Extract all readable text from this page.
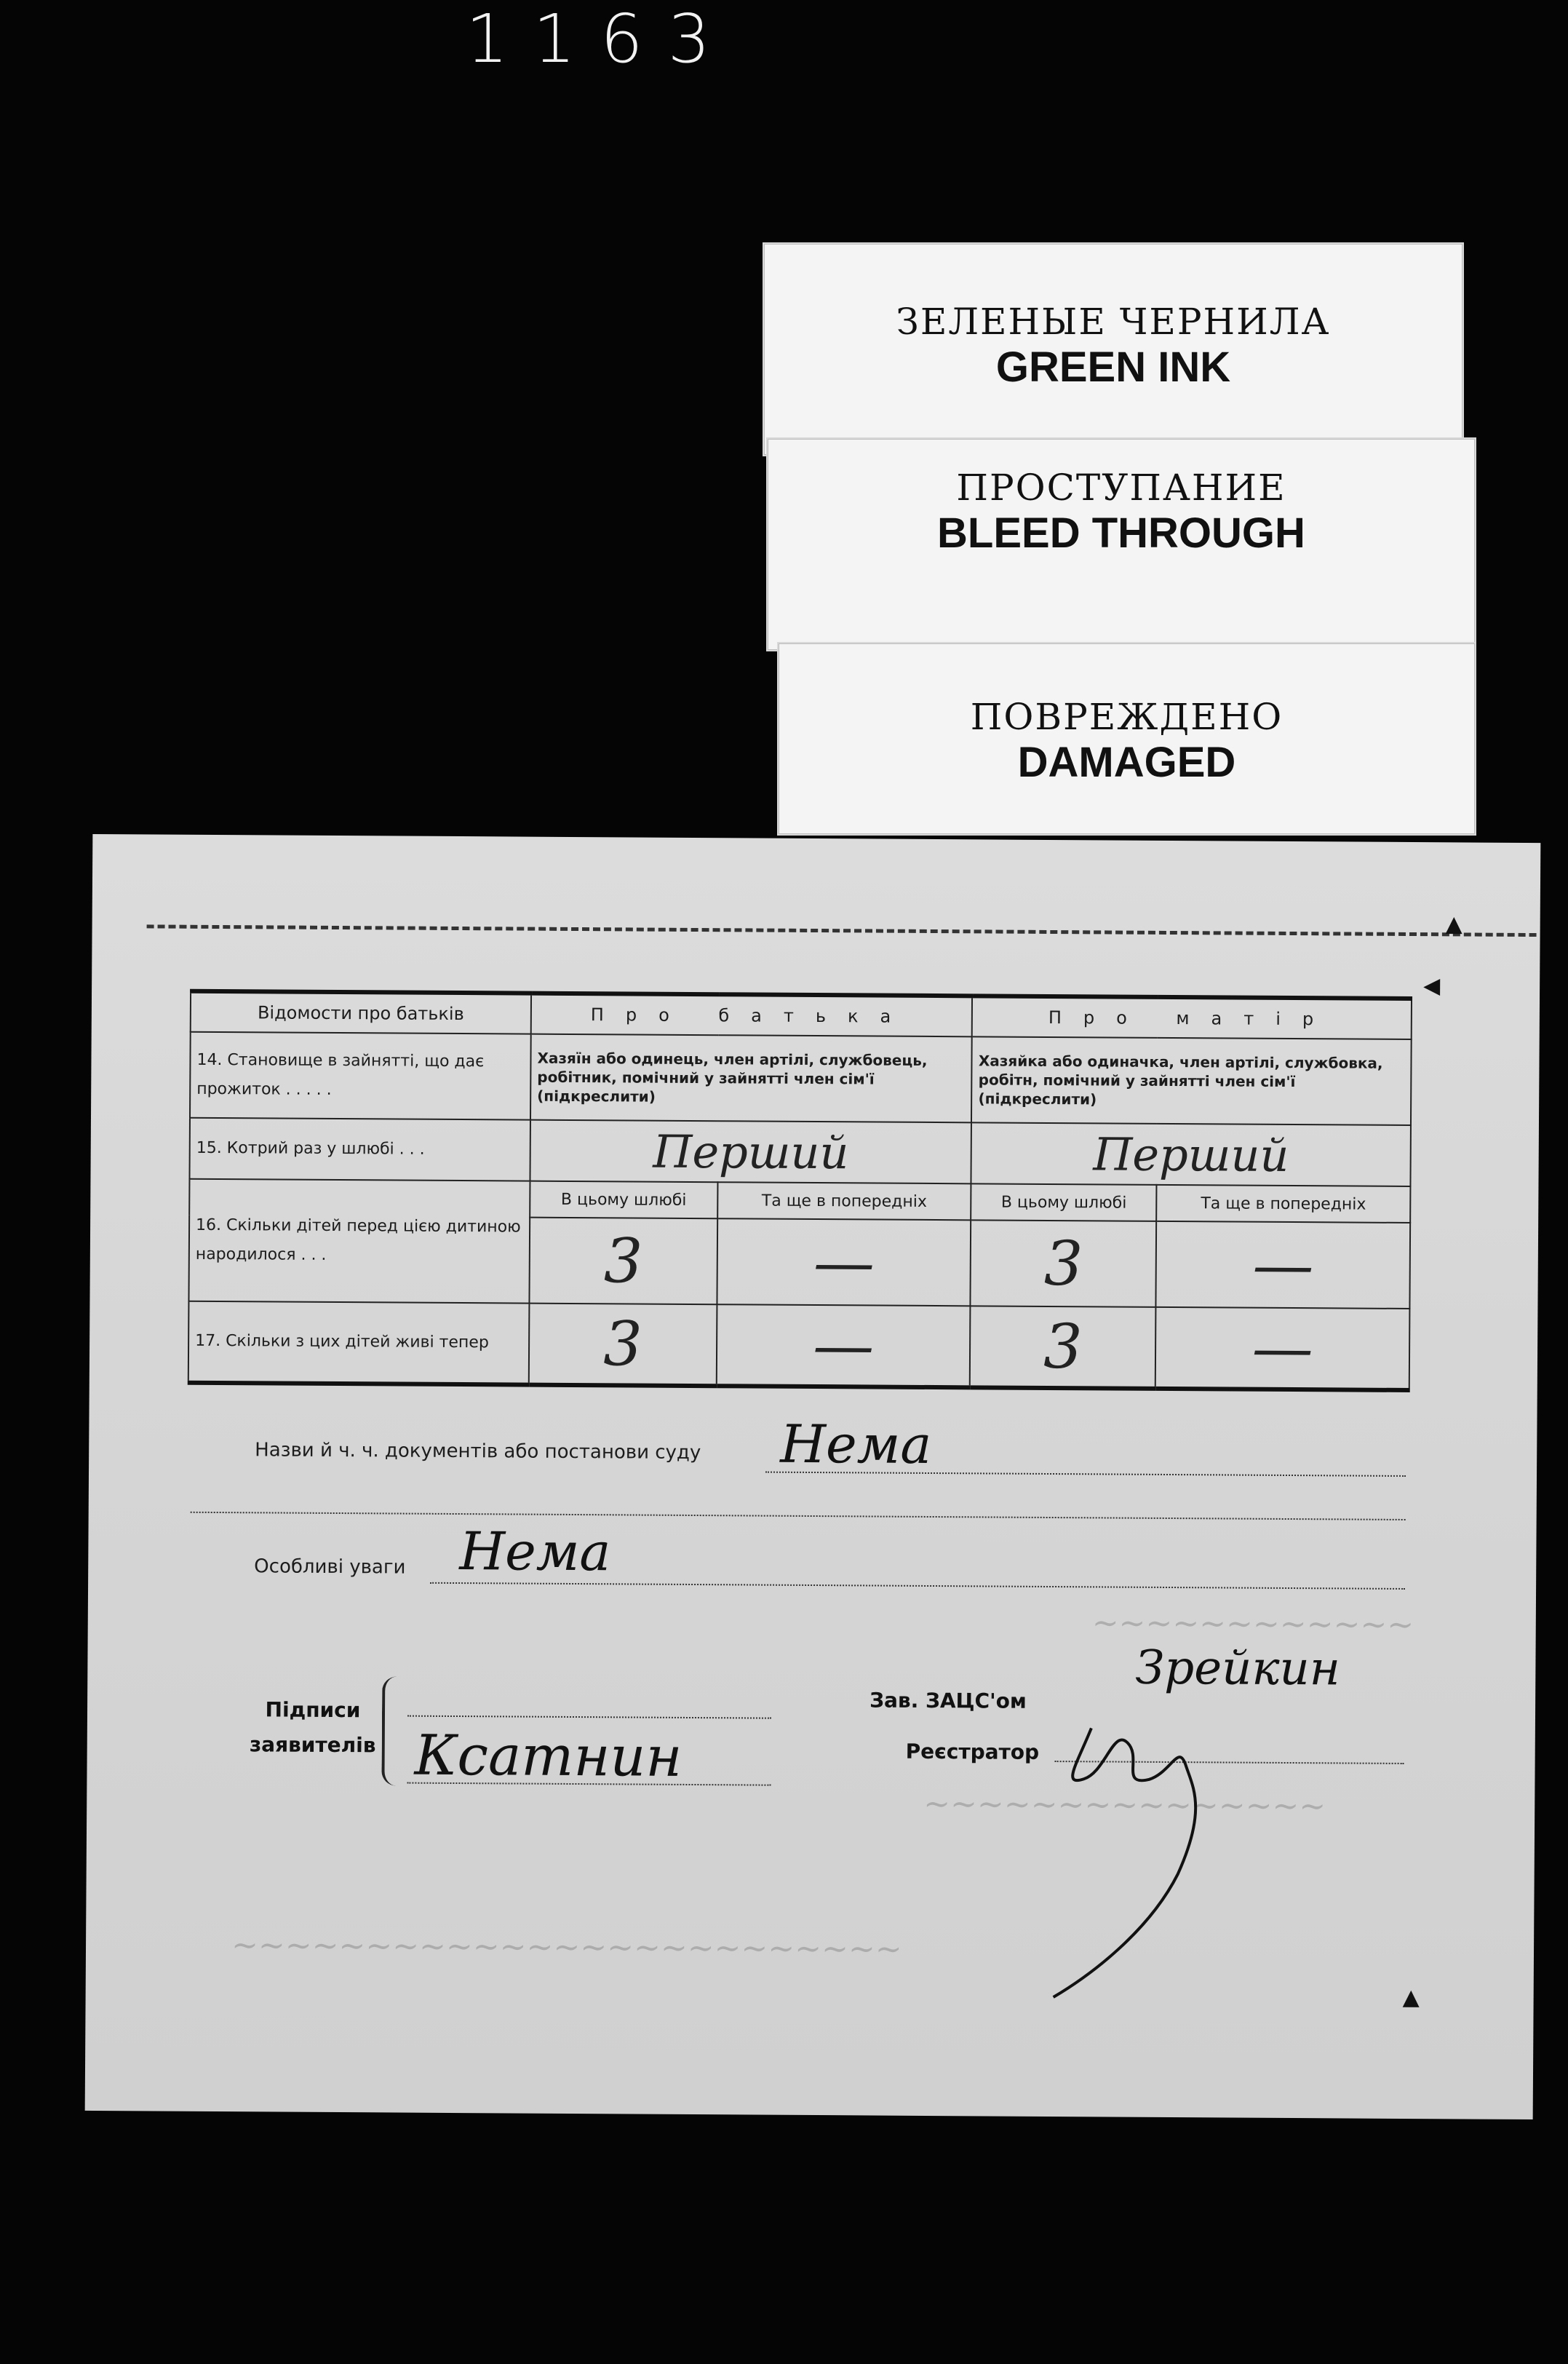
1163
ЗЕЛЕНЫЕ ЧЕРНИЛА
GREEN INK
ПРОСТУПАНИЕ
BLEED THROUGH
ПОВРЕЖДЕНО
DAMAGED
~~~~~~~~~~~~
~~~~~~~~~~~~~~~
~~~~~~~~~~~~~~~~~~~~~~~~~
Відомости про батьків	Про батька		Про матір	
14. Становище в зайнятті, що дає прожиток . . . . .	Хазяїн або одинець, член артілі, службовець, робітник, помічний у зайнятті член сім'ї (підкреслити)		Хазяйка або одиначка, член артілі, службовка, робітн, помічний у зайнятті член сім'ї (підкреслити)	
15. Котрий раз у шлюбі . . .	Перший		Перший	
16. Скільки дітей перед цією дитиною народилося . . .	В цьому шлюбі	Та ще в попередніх	В цьому шлюбі	Та ще в попередніх
	3	—	3	—
17. Скільки з цих дітей живі тепер	3	—	3	—
Назви й ч. ч. документів або постанови суду Нема
Особливі уваги Нема
Підписи заявителів Ксатнин
Зав. ЗАЦС'ом
Зрейкин
Реєстратор
▲
◀
▲
